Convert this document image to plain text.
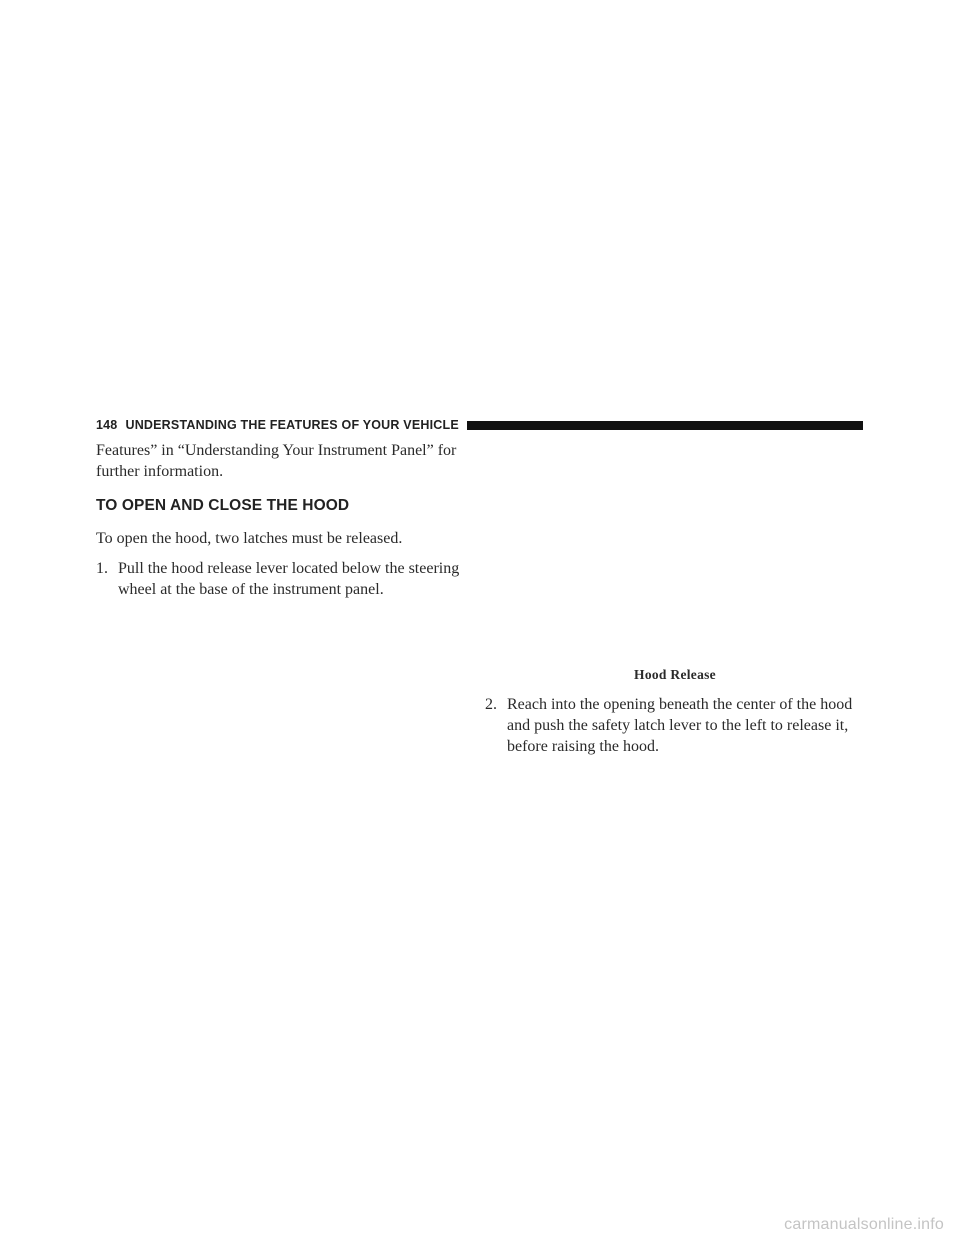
148 UNDERSTANDING THE FEATURES OF YOUR VEHICLE

Features” in “Understanding Your Instrument Panel” for further information.

TO OPEN AND CLOSE THE HOOD

To open the hood, two latches must be released.

1. Pull the hood release lever located below the steering wheel at the base of the instrument panel.
Hood Release
2. Reach into the opening beneath the center of the hood and push the safety latch lever to the left to release it, before raising the hood.
carmanualsonline.info
